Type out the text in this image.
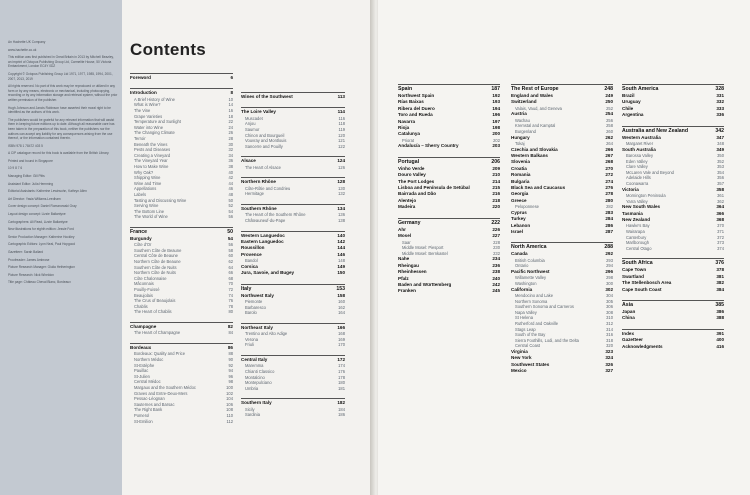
An Hachette UK Company

www.hachette.co.uk

This edition was first published in Great Britain in 2013 by Mitchell Beazley, an imprint of Octopus Publishing Group Ltd, Carmelite House, 50 Victoria Embankment, London EC4Y 0DZ

Copyright © Octopus Publishing Group Ltd 1971, 1977, 1985, 1994, 2001, 2007, 2013, 2019

All rights reserved. No part of this work may be reproduced or utilized in any form or by any means, electronic or mechanical, including photocopying, recording or by any information storage and retrieval system, without the prior written permission of the publisher.

Hugh Johnson and Jancis Robinson have asserted their moral right to be identified as the authors of this work.

The publishers would be grateful for any relevant information that will assist them in keeping future editions up to date. Although all reasonable care has been taken in the preparation of this book, neither the publishers nor the authors can accept any liability for any consequences arising from the use thereof, or the information contained therein.

ISBN 978 1 78472 403 5

A CIP catalogue record for this book is available from the British Library.

Printed and bound in Singapore

10 9 8 7 6

Managing Editor: Gill Pitts

Assistant Editor: Julia Hemming

Editorial Assistants: Katherine Lewinsohn, Kathryn Allen

Art Director: Yasia Williams-Leedham

Cover design concept: Daniel Romanowski Gray

Layout design concept: Lizzie Ballantyne

Cartographers: Ali Read, Lizzie Ballantyne

New illustrations for eighth edition: Jessie Ford

Senior Production Manager: Katherine Hockley

Cartographic Editors: Lynn Neal, Paul Hopgood

Gazetteer: Sarah Ballard

Proofreader: James Ambrose

Picture Research Manager: Giulia Hetherington

Picture Research: Nick Wheldon

Title page: Château Cheval Blanc, Bordeaux

Contents
Foreword	6
Introduction	8
A Brief History of Wine	10
What is Wine?	14
The Vine	16
Grape Varieties	18
Temperature and Sunlight	22
Water into Wine	24
The Changing Climate	26
Terroir	28
Beneath the Vines	30
Pests and Diseases	32
Creating a Vineyard	34
The Vineyard Year	36
How to Make Wine	38
Why Oak?	40
Shipping Wine	42
Wine and Time	44
Appellations	46
Labels	48
Tasting and Discussing Wine	50
Serving Wine	52
The Bottom Line	54
The World of Wine	56
France	50
Burgundy	54
Côte d'Or	56
Southern Côte de Beaune	58
Central Côte de Beaune	60
Northern Côte de Beaune	62
Southern Côte de Nuits	64
Northern Côte de Nuits	66
Côte Chalonnaise	68
Mâconnais	70
Pouilly-Fuissé	72
Beaujolais	74
The Crus of Beaujolais	76
Chablis	78
The Heart of Chablis	80
Champagne	82
The Heart of Champagne	84
Bordeaux	86
Bordeaux: Quality and Price	88
Northern Médoc	90
St-Estèphe	92
Pauillac	94
St-Julien	96
Central Médoc	98
Margaux and the Southern Médoc	100
Graves and Entre-Deux-Mers	102
Pessac-Léognan	104
Sauternes and Barsac	106
The Right Bank	108
Pomerol	110
St-Emilion	112
Wines of the Southwest	113
The Loire Valley	114
Muscadet	116
Anjou	118
Saumur	119
Chinon and Bourgueil	120
Vouvray and Montlouis	121
Sancerre and Pouilly	122
Alsace	124
The Heart of Alsace	126
Northern Rhône	128
Côte-Rôtie and Condrieu	130
Hermitage	132
Southern Rhône	134
The Heart of the Southern Rhône	136
Châteauneuf-du-Pape	138
Western Languedoc	140
Eastern Languedoc	142
Roussillon	144
Provence	146
Bandol	148
Corsica	149
Jura, Savoie, and Bugey	150
Italy	153
Northwest Italy	158
Piemonte	160
Barbaresco	162
Barolo	164
Northeast Italy	166
Trentino and Alto Adige	168
Verona	169
Friuli	170
Central Italy	172
Maremma	174
Chianti Classico	176
Montalcino	178
Montepulciano	180
Umbria	181
Southern Italy	182
Sicily	184
Sardinia	186
Spain	187
Northwest Spain	192
Rías Baixas	193
Ribera del Duero	194
Toro and Rueda	196
Navarra	197
Rioja	198
Catalunya	200
Priorat	202
Andalucía – Sherry Country	203
Portugal	206
Vinho Verde	209
Douro Valley	210
The Port Lodges	214
Lisboa and Península de Setúbal	215
Bairrada and Dão	216
Alentejo	218
Madeira	220
Germany	222
Ahr	226
Mosel	227
Saar	228
Middle Mosel: Piesport	230
Middle Mosel: Bernkastel	232
Nahe	234
Rheingau	236
Rheinhessen	238
Pfalz	240
Baden and Württemberg	242
Franken	245
The Rest of Europe	248
England and Wales	249
Switzerland	250
Valais, Vaud, and Geneva	252
Austria	254
Wachau	256
Kremstal and Kamptal	258
Burgenland	260
Hungary	262
Tokaj	264
Czechia and Slovakia	266
Western Balkans	267
Slovenia	268
Croatia	270
Romania	272
Bulgaria	274
Black Sea and Caucasus	276
Georgia	278
Greece	280
Peloponnese	282
Cyprus	283
Turkey	284
Lebanon	286
Israel	287
North America	288
Canada	292
British Columbia	293
Ontario	294
Pacific Northwest	296
Willamette Valley	298
Washington	300
California	302
Mendocino and Lake	304
Northern Sonoma	305
Southern Sonoma and Carneros	306
Napa Valley	308
St Helena	310
Rutherford and Oakville	312
Stags Leap	314
South of the Bay	316
Sierra Foothills, Lodi, and the Delta	318
Central Coast	320
Virginia	323
New York	324
Southwest States	326
Mexico	327
South America	328
Brazil	331
Uruguay	332
Chile	333
Argentina	336
Australia and New Zealand	342
Western Australia	347
Margaret River	348
South Australia	349
Barossa Valley	350
Eden Valley	352
Clare Valley	353
McLaren Vale and Beyond	354
Adelaide Hills	356
Coonawarra	357
Victoria	358
Mornington Peninsula	361
Yarra Valley	362
New South Wales	364
Tasmania	366
New Zealand	368
Hawke's Bay	370
Wairarapa	371
Canterbury	372
Marlborough	373
Central Otago	374
South Africa	376
Cape Town	378
Swartland	381
The Stellenbosch Area	382
Cape South Coast	384
Asia	385
Japan	386
China	388
Index	391
Gazetteer	400
Acknowledgments	416
